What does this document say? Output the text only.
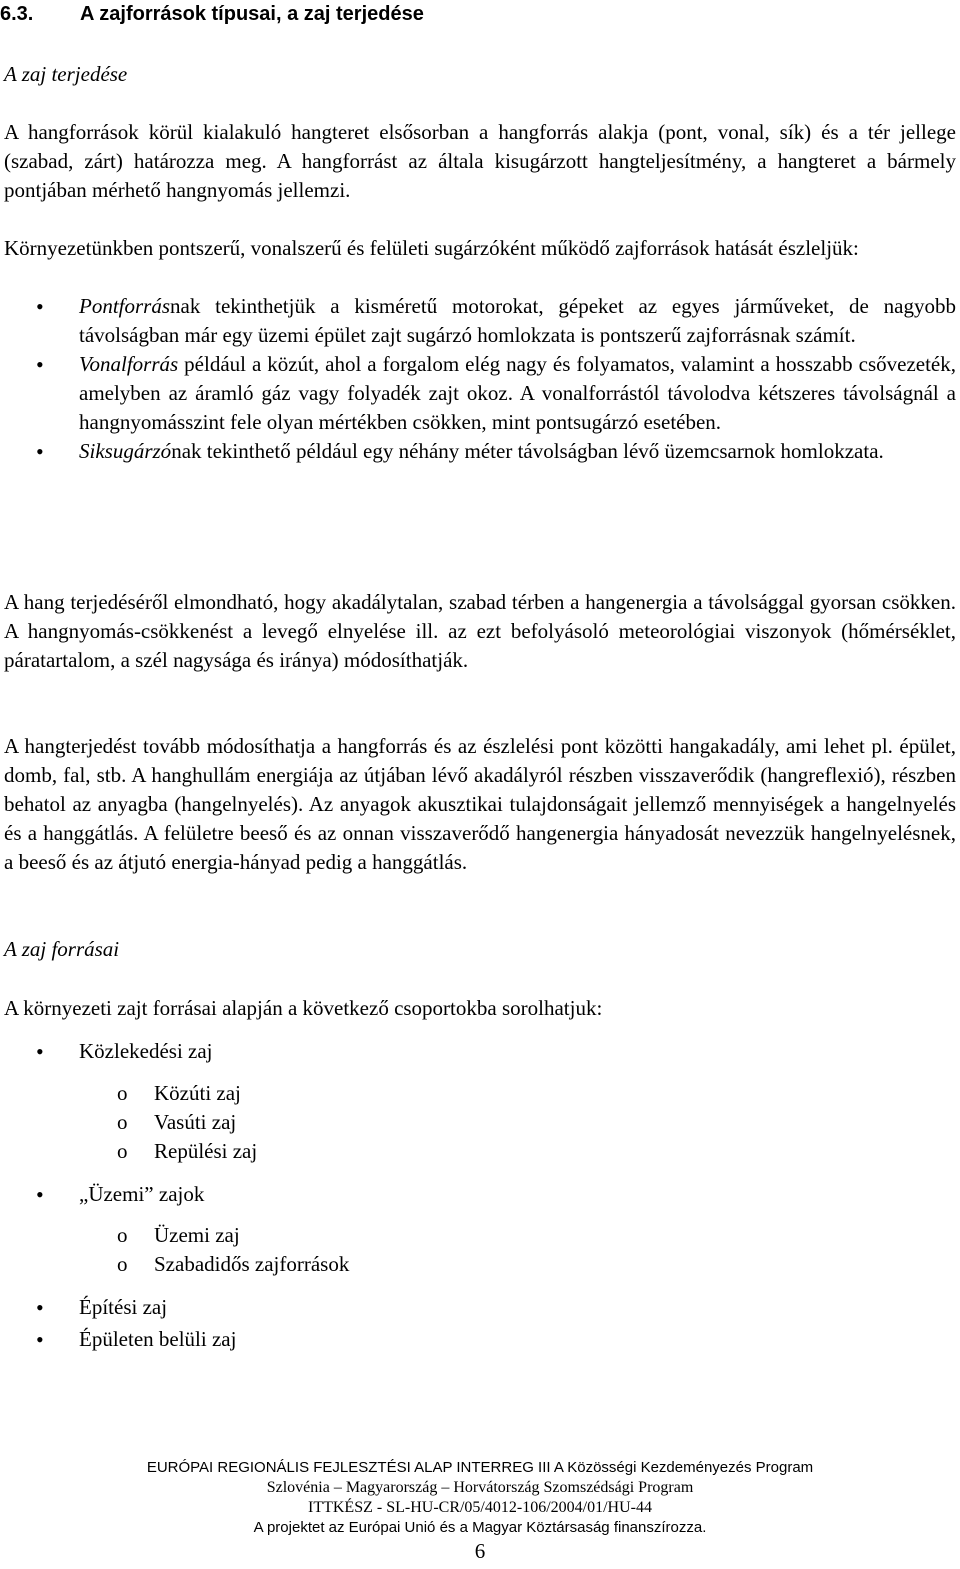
6.3. A zajforrások típusai, a zaj terjedése
A zaj terjedése

A hangforrások körül kialakuló hangteret elsősorban a hangforrás alakja (pont, vonal, sík) és a tér jellege (szabad, zárt) határozza meg. A hangforrást az általa kisugárzott hangteljesítmény, a hangteret a bármely pontjában mérhető hangnyomás jellemzi.

Környezetünkben pontszerű, vonalszerű és felületi sugárzóként működő zajforrások hatását észleljük:

• Pontforrásnak tekinthetjük a kisméretű motorokat, gépeket az egyes járműveket, de nagyobb távolságban már egy üzemi épület zajt sugárzó homlokzata is pontszerű zajforrásnak számít.
• Vonalforrás például a közút, ahol a forgalom elég nagy és folyamatos, valamint a hosszabb csővezeték, amelyben az áramló gáz vagy folyadék zajt okoz. A vonalforrástól távolodva kétszeres távolságnál a hangnyomásszint fele olyan mértékben csökken, mint pontsugárzó esetében.
• Siksugárzónak tekinthető például egy néhány méter távolságban lévő üzemcsarnok homlokzata.

A hang terjedéséről elmondható, hogy akadálytalan, szabad térben a hangenergia a távolsággal gyorsan csökken. A hangnyomás-csökkenést a levegő elnyelése ill. az ezt befolyásoló meteorológiai viszonyok (hőmérséklet, páratartalom, a szél nagysága és iránya) módosíthatják.

A hangterjedést tovább módosíthatja a hangforrás és az észlelési pont közötti hangakadály, ami lehet pl. épület, domb, fal, stb. A hanghullám energiája az útjában lévő akadályról részben visszaverődik (hangreflexió), részben behatol az anyagba (hangelnyelés). Az anyagok akusztikai tulajdonságait jellemző mennyiségek a hangelnyelés és a hanggátlás. A felületre beeső és az onnan visszaverődő hangenergia hányadosát nevezzük hangelnyelésnek, a beeső és az átjutó energia-hányad pedig a hanggátlás.

A zaj forrásai

A környezeti zajt forrásai alapján a következő csoportokba sorolhatjuk:

• Közlekedési zaj
o Közúti zaj
o Vasúti zaj
o Repülési zaj
• „Üzemi” zajok
o Üzemi zaj
o Szabadidős zajforrások
• Építési zaj
• Épületen belüli zaj
EURÓPAI REGIONÁLIS FEJLESZTÉSI ALAP INTERREG III A Közösségi Kezdeményezés Program
Szlovénia – Magyarország – Horvátország Szomszédsági Program
ITTKÉSZ - SL-HU-CR/05/4012-106/2004/01/HU-44
A projektet az Európai Unió és a Magyar Köztársaság finanszírozza.
6
